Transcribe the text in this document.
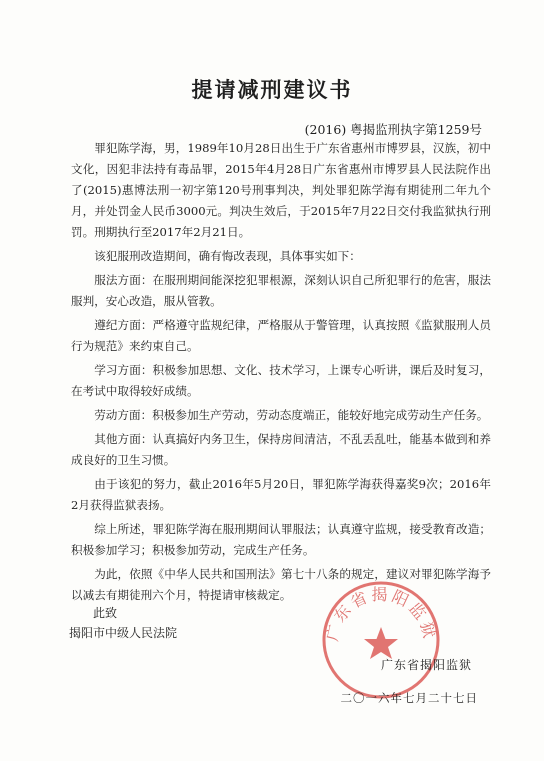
提请减刑建议书
(2016) 粤揭监刑执字第1259号

罪犯陈学海，男，1989年10月28日出生于广东省惠州市博罗县，汉族，初中文化，因犯非法持有毒品罪，2015年4月28日广东省惠州市博罗县人民法院作出了(2015)惠博法刑一初字第120号刑事判决，判处罪犯陈学海有期徒刑二年九个月，并处罚金人民币3000元。判决生效后，于2015年7月22日交付我监狱执行刑罚。刑期执行至2017年2月21日。

该犯服刑改造期间，确有悔改表现，具体事实如下：

服法方面：在服刑期间能深挖犯罪根源，深刻认识自己所犯罪行的危害，服法服判，安心改造，服从管教。

遵纪方面：严格遵守监规纪律，严格服从于警管理，认真按照《监狱服刑人员行为规范》来约束自己。

学习方面：积极参加思想、文化、技术学习，上课专心听讲，课后及时复习，在考试中取得较好成绩。

劳动方面：积极参加生产劳动，劳动态度端正，能较好地完成劳动生产任务。

其他方面：认真搞好内务卫生，保持房间清洁，不乱丢乱吐，能基本做到和养成良好的卫生习惯。

由于该犯的努力，截止2016年5月20日，罪犯陈学海获得嘉奖9次；2016年2月获得监狱表扬。

综上所述，罪犯陈学海在服刑期间认罪服法；认真遵守监规，接受教育改造；积极参加学习；积极参加劳动，完成生产任务。

为此，依照《中华人民共和国刑法》第七十八条的规定，建议对罪犯陈学海予以减去有期徒刑六个月，特提请审核裁定。

此致
揭阳市中级人民法院	广东省揭阳监狱
广东省揭阳监狱
二〇一六年七月二十七日
